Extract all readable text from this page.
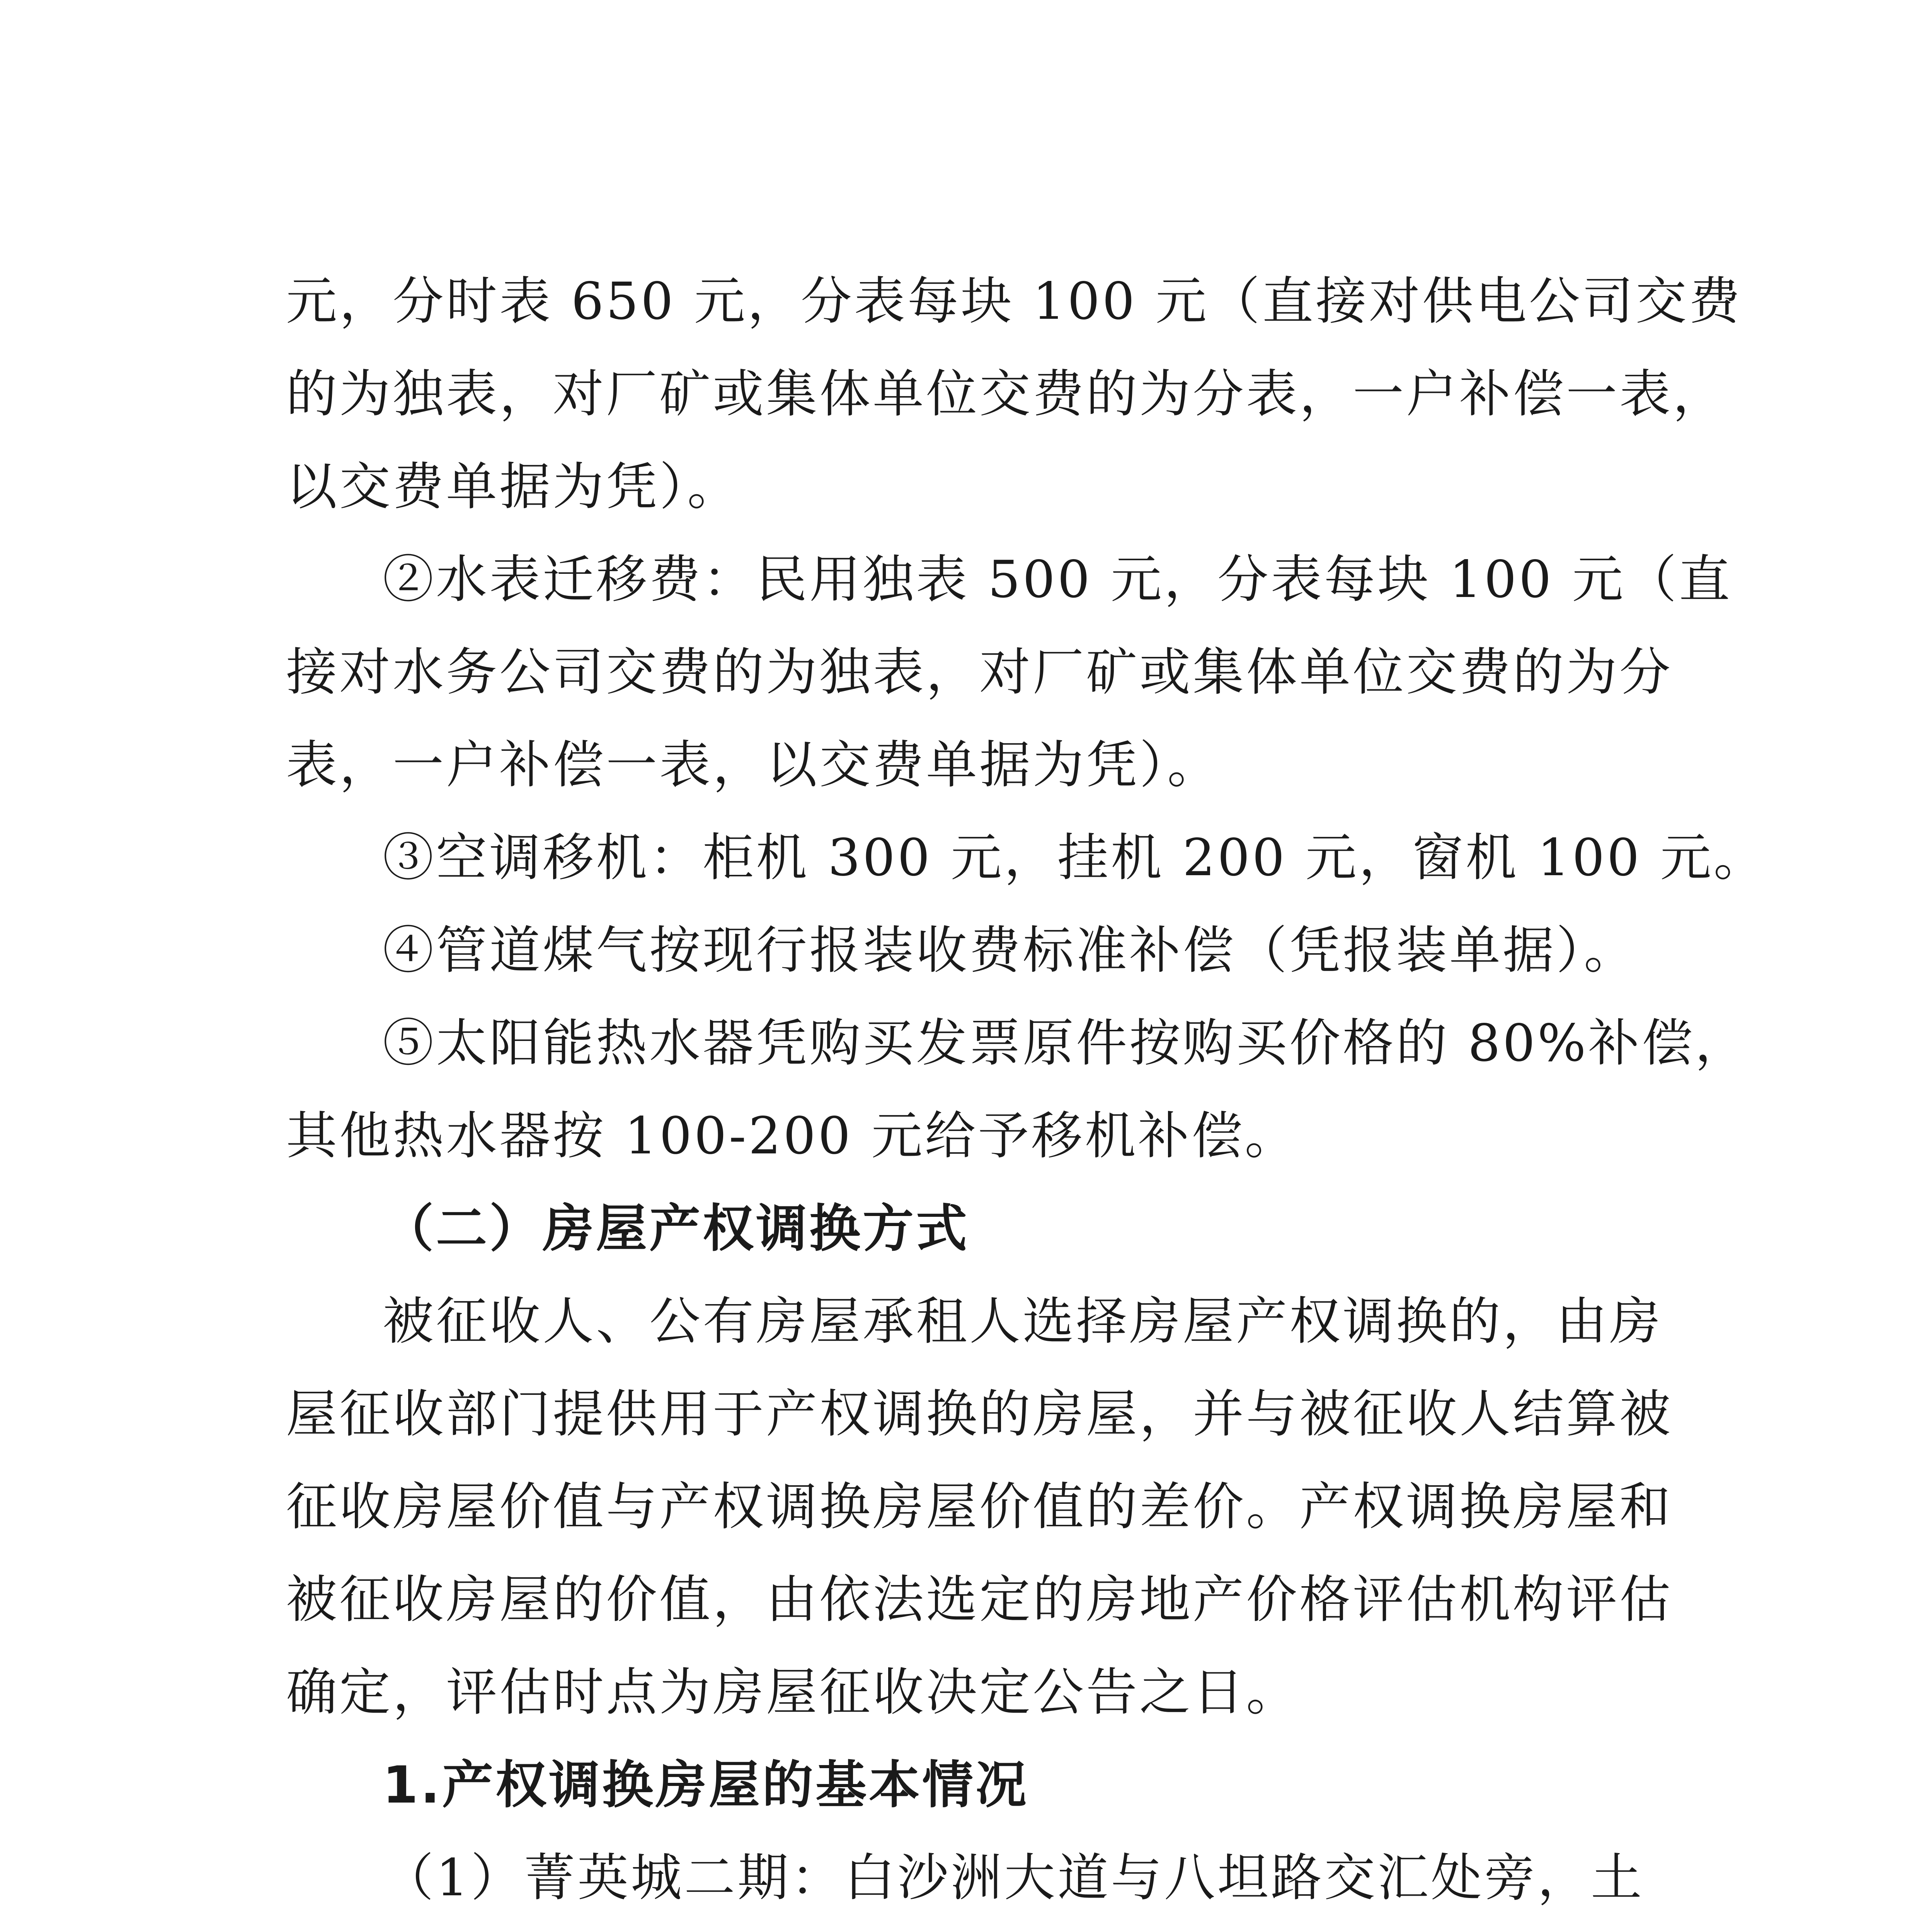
元，分时表 650 元，分表每块 100 元（直接对供电公司交费
的为独表，对厂矿或集体单位交费的为分表，一户补偿一表，
以交费单据为凭）。
②水表迁移费：民用独表 500 元，分表每块 100 元（直
接对水务公司交费的为独表，对厂矿或集体单位交费的为分
表，一户补偿一表，以交费单据为凭）。
③空调移机：柜机 300 元，挂机 200 元，窗机 100 元。
④管道煤气按现行报装收费标准补偿（凭报装单据）。
⑤太阳能热水器凭购买发票原件按购买价格的 80%补偿，
其他热水器按 100-200 元给予移机补偿。
（二）房屋产权调换方式
被征收人、公有房屋承租人选择房屋产权调换的，由房
屋征收部门提供用于产权调换的房屋，并与被征收人结算被
征收房屋价值与产权调换房屋价值的差价。产权调换房屋和
被征收房屋的价值，由依法选定的房地产价格评估机构评估
确定，评估时点为房屋征收决定公告之日。
1.产权调换房屋的基本情况
（1）菁英城二期：白沙洲大道与八坦路交汇处旁，土
